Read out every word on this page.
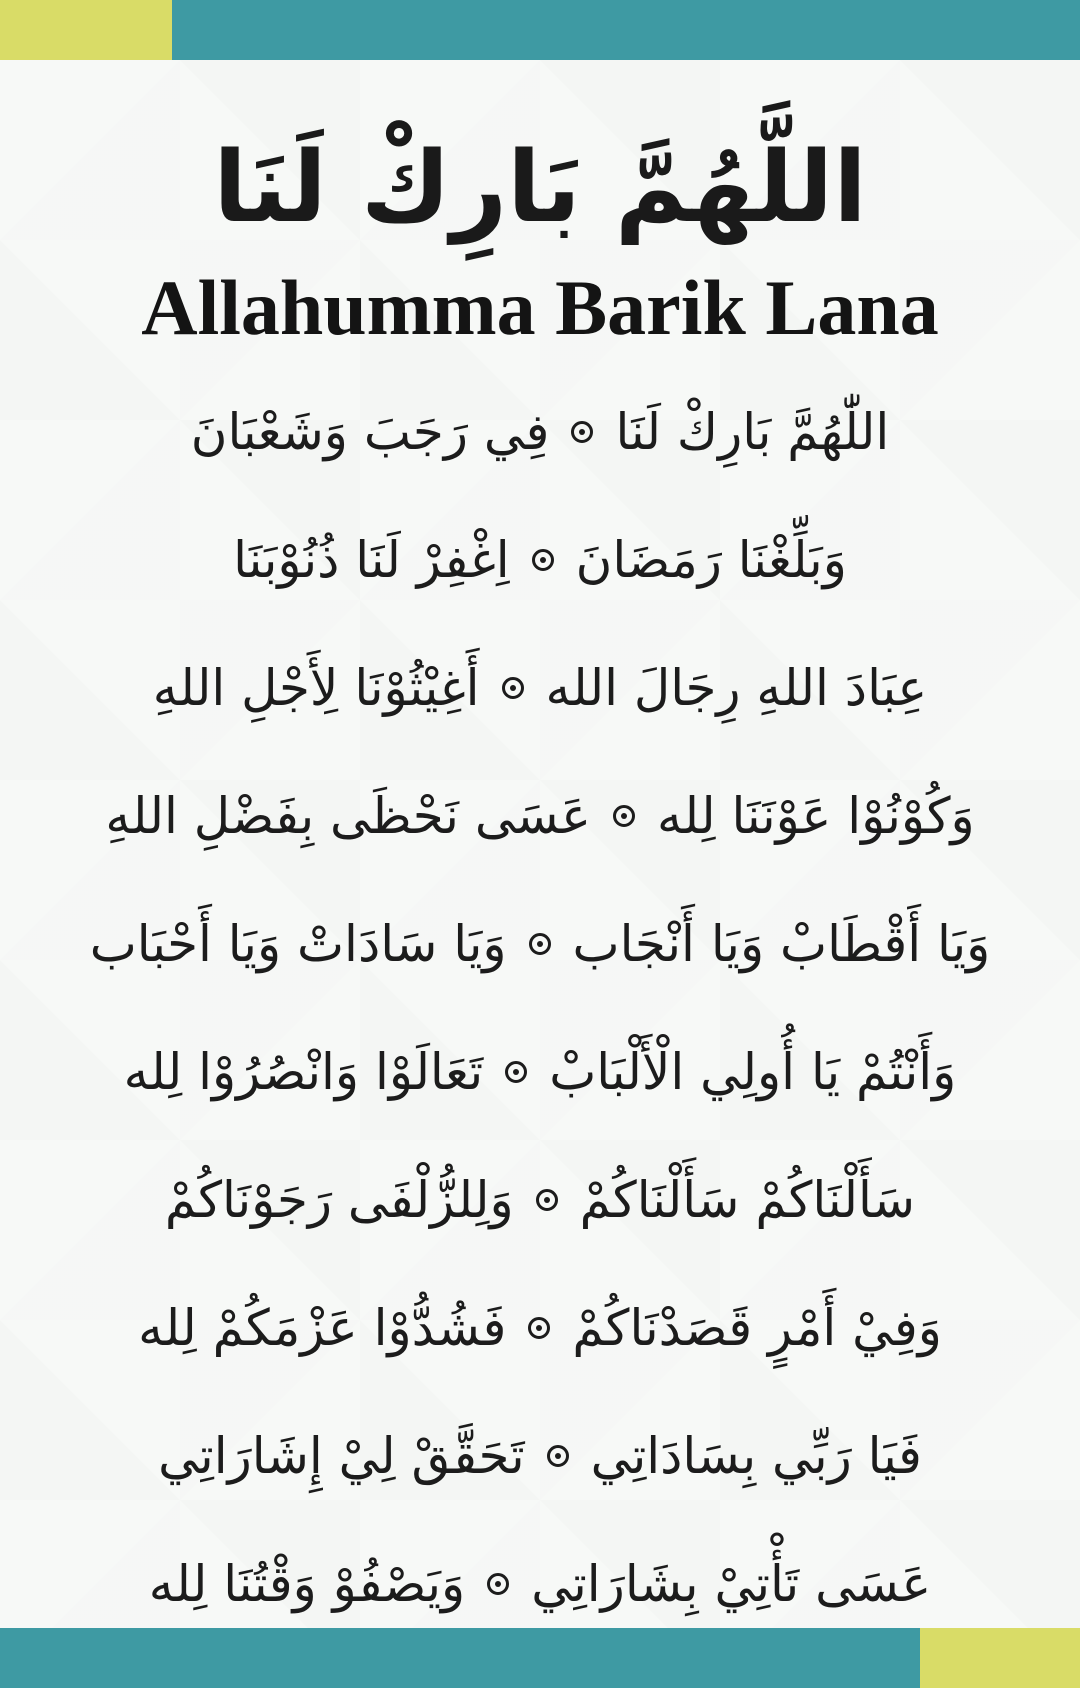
اللَّهُمَّ بَارِكْ لَنَا
Allahumma Barik Lana
اللّٰهُمَّ بَارِكْ لَنَا
فِي رَجَبَ وَشَعْبَانَ
وَبَلِّغْنَا رَمَضَانَ
اِغْفِرْ لَنَا ذُنُوْبَنَا
عِبَادَ اللهِ رِجَالَ الله
أَغِيْثُوْنَا لِأَجْلِ اللهِ
وَكُوْنُوْا عَوْنَنَا لِله
عَسَى نَحْظَى بِفَضْلِ اللهِ
وَيَا أَقْطَابْ وَيَا أَنْجَاب
وَيَا سَادَاتْ وَيَا أَحْبَاب
وَأَنْتُمْ يَا أُولِي الْأَلْبَابْ
تَعَالَوْا وَانْصُرُوْا لِله
سَأَلْنَاكُمْ سَأَلْنَاكُمْ
وَلِلزُّلْفَى رَجَوْنَاكُمْ
وَفِيْ أَمْرٍ قَصَدْنَاكُمْ
فَشُدُّوْا عَزْمَكُمْ لِله
فَيَا رَبِّي بِسَادَاتِي
تَحَقَّقْ لِيْ إِشَارَاتِي
عَسَى تَأْتِيْ بِشَارَاتِي
وَيَصْفُوْ وَقْتُنَا لِله
